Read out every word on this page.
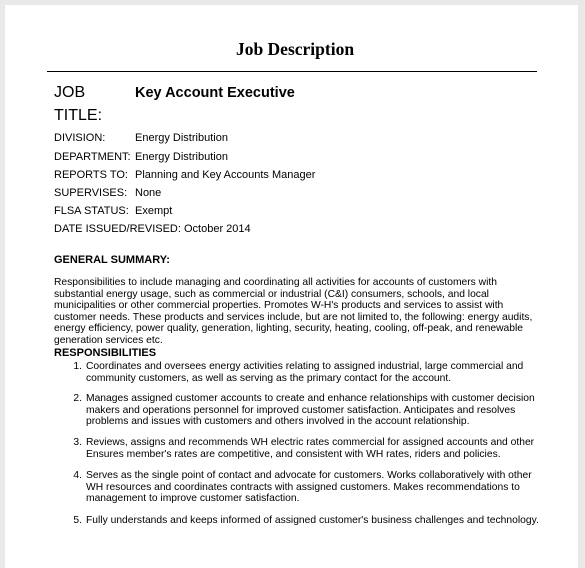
Job Description
JOB
TITLE:
Key Account Executive
DIVISION:	Energy Distribution
DEPARTMENT: Energy Distribution
REPORTS TO: Planning and Key Accounts Manager
SUPERVISES: None
FLSA STATUS: Exempt
DATE ISSUED/REVISED: October 2014
GENERAL SUMMARY:
Responsibilities to include managing and coordinating all activities for accounts of customers with substantial energy usage, such as commercial or industrial (C&I) consumers, schools, and local municipalities or other commercial properties. Promotes W-H's products and services to assist with customer needs. These products and services include, but are not limited to, the following: energy audits, energy efficiency, power quality, generation, lighting, security, heating, cooling, off-peak, and renewable generation services etc.
RESPONSIBILITIES
1. Coordinates and oversees energy activities relating to assigned industrial, large commercial and community customers, as well as serving as the primary contact for the account.
2. Manages assigned customer accounts to create and enhance relationships with customer decision makers and operations personnel for improved customer satisfaction. Anticipates and resolves problems and issues with customers and others involved in the account relationship.
3. Reviews, assigns and recommends WH electric rates commercial for assigned accounts and other Ensures member's rates are competitive, and consistent with WH rates, riders and policies.
4. Serves as the single point of contact and advocate for customers. Works collaboratively with other WH resources and coordinates contracts with assigned customers. Makes recommendations to management to improve customer satisfaction.
5. Fully understands and keeps informed of assigned customer's business challenges and technology.
